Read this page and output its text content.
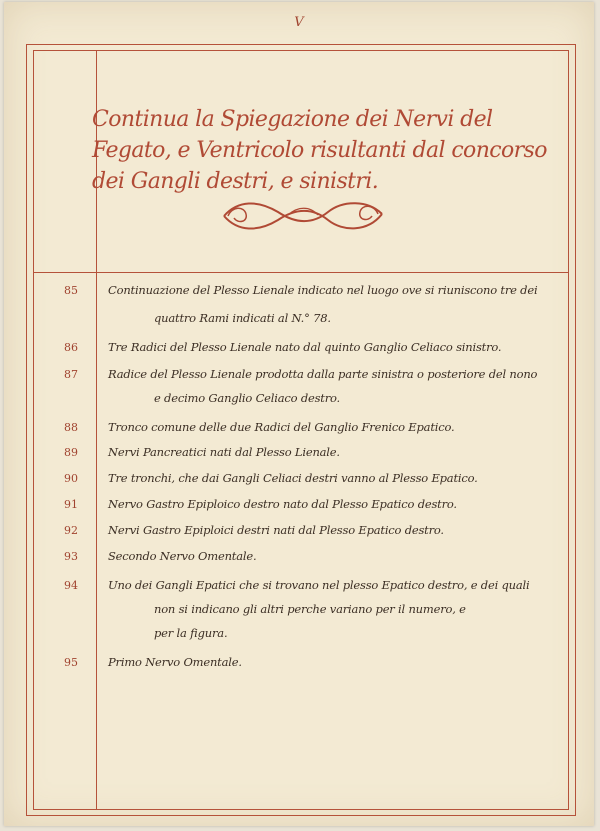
V
Continua la Spiegazione dei Nervi del Fegato, e Ventricolo risultanti dal concorso dei Gangli destri, e sinistri.
85	Continuazione del Plesso Lienale indicato nel luogo ove si riuniscono tre dei
quattro Rami indicati al N.° 78.
86	Tre Radici del Plesso Lienale nato dal quinto Ganglio Celiaco sinistro.
87	Radice del Plesso Lienale prodotta dalla parte sinistra o posteriore del nono
e decimo Ganglio Celiaco destro.
88	Tronco comune delle due Radici del Ganglio Frenico Epatico.
89	Nervi Pancreatici nati dal Plesso Lienale.
90	Tre tronchi, che dai Gangli Celiaci destri vanno al Plesso Epatico.
91	Nervo Gastro Epiploico destro nato dal Plesso Epatico destro.
92	Nervi Gastro Epiploici destri nati dal Plesso Epatico destro.
93	Secondo Nervo Omentale.
94	Uno dei Gangli Epatici che si trovano nel plesso Epatico destro, e dei quali
non si indicano gli altri perche variano per il numero, e
per la figura.
95	Primo Nervo Omentale.
